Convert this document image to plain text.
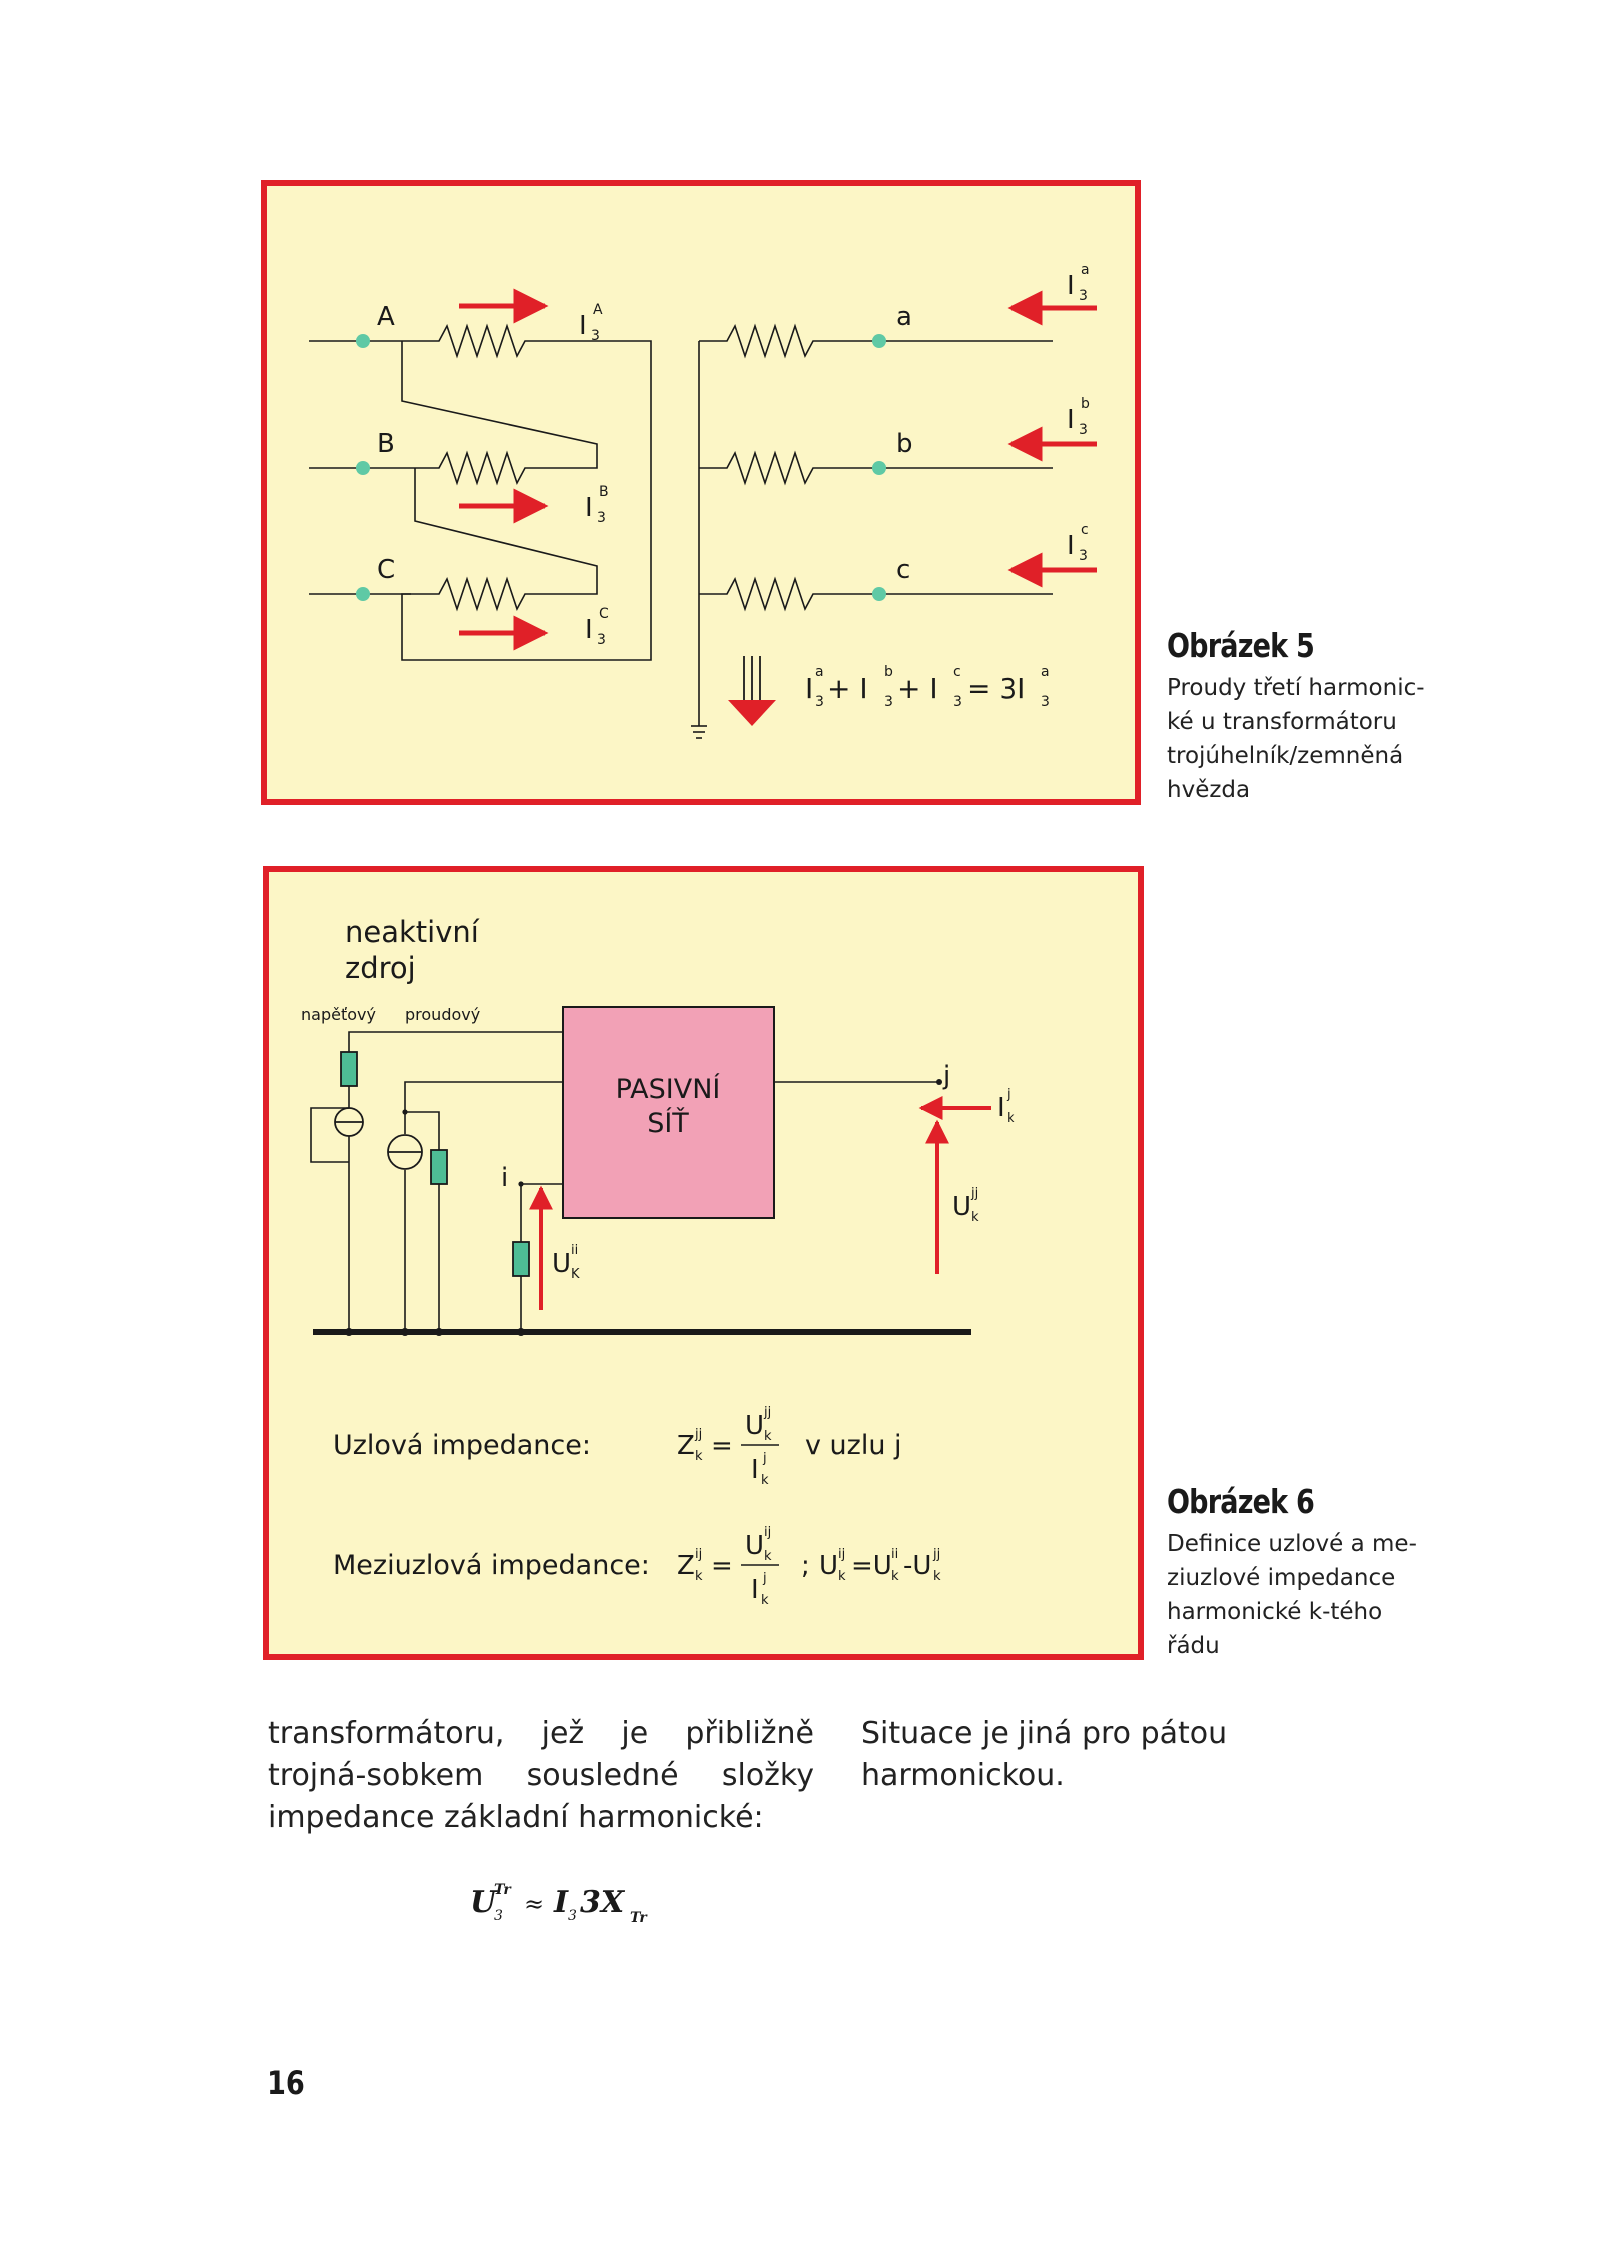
A
B
C
I 3
A
I 3
B
I 3
C
a
b
c
I 3
a
I 3
b
I 3
c
I a
3 + I b
3 + I c
3 = 3I a
3

Obrázek 5

Proudy třetí harmonic-

ké u transformátoru

trojúhelník/zemněná

hvězda

neaktivní
zdroj
napěťový proudový
PASIVNÍ
SÍŤ
i
j
U K
ii
U k
jj
I k
j
Uzlová impedance:	Z k
jj =
U k
jj
I k
j v uzlu j
Meziuzlová impedance: Z k
ij =
U k
ij
I k
j ; U k
ij =U k
ii -U k
jj

Obrázek 6

Definice uzlové a me-

ziuzlové impedance

harmonické k-tého

řádu

transformátoru, jež je přibližně trojná-sobkem sousledné složky impedance základní harmonické:

Situace je jiná pro pátou harmonickou.

U
3
Tr ≈ I 3 3X Tr
16
